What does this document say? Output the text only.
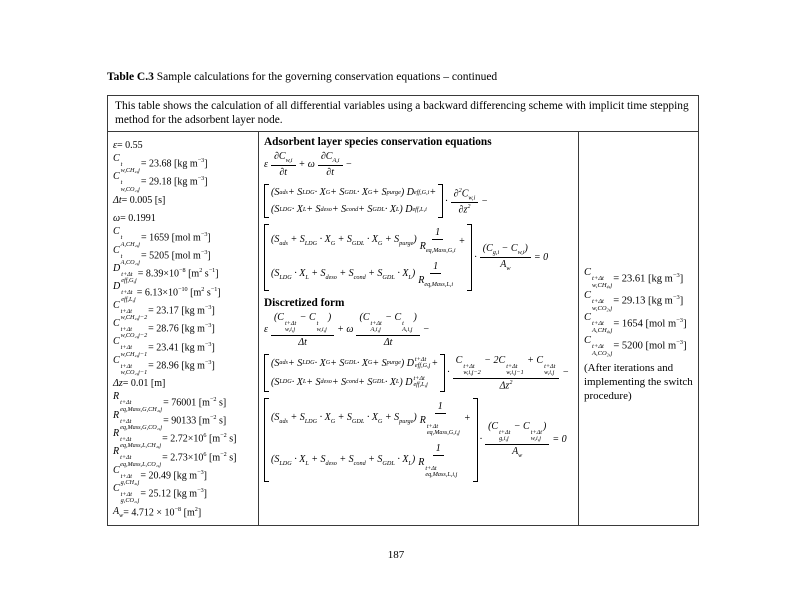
Table C.3 Sample calculations for the governing conservation equations – continued
This table shows the calculation of all differential variables using a backward differencing scheme with implicit time stepping method for the adsorbent layer node.
ε = 0.55
C
t
w,CH₄,j
= 23.68 [kg $m^{-3}$]
C
t
w,CO₂,j
= 29.18 [kg $m^{-3}$]
Δt = 0.005 [s]
ω = 0.1991
C
t
A,CH₄,j
= 1659 [mol $m^{-3}$]
C
t
A,CO₂,j
= 5205 [mol $m^{-3}$]
D
t+Δt
eff,G,j
= $8.39\times 10^{-8}$ [$m^2$ $s^{-1}$]
D
t+Δt
eff,L,j
= $6.13\times 10^{-10}$ [$m^2$ $s^{-1}$]
C
t+Δt
w,CH₄,j−2
= 23.17 [kg $m^{-3}$]
C
t+Δt
w,CO₂,j−2
= 28.76 [kg $m^{-3}$]
C
t+Δt
w,CH₄,j−1
= 23.41 [kg $m^{-3}$]
C
t+Δt
w,CO₂,j−1
= 28.96 [kg $m^{-3}$]
Δz = 0.01 [m]
R
t+Δt
eq,Mass,G,CH₄,j
= 76001 [$m^{-2}$ s]
R
t+Δt
eq,Mass,G,CO₂,j
= 90133 [$m^{-2}$ s]
R
t+Δt
eq,Mass,L,CH₄,j
= $2.72\times 10^6$ [$m^{-2}$ s]
R
t+Δt
eq,Mass,L,CO₂,j
= $2.73\times 10^6$ [$m^{-2}$ s]
C
t+Δt
g,CH₄,j
= 20.49 [kg $m^{-3}$]
C
t+Δt
g,CO₂,j
= 25.12 [kg $m^{-3}$]
$A_w = 4.712 \times 10^{-8}$ $[m^2]$
Adsorbent layer species conservation equations
ε $\frac{\partial C_{w,i}}{\partial t} + \omega \frac{\partial C_{A,i}}{\partial t}$ −
(S ads + S LDG · X G + S GDL · X G + S purge ) D eff,G,i +
(S LDG · X L + S deso + S cond + S GDL · X L ) D eff,L,i
· $\frac{\partial^2C_{w,i}}{\partial z^2}$ −
$(S_{ads} + S_{LDG} \cdot X_G + S_{GDL} \cdot X_G + S_{purge}) \frac{1}{R_{eq,Mass,G,i}}$ +
$(S_{LDG} \cdot X_L + S_{deso} + S_{cond} + S_{GDL} \cdot X_L) \frac{1}{R_{eq,Mass,L,i}}$
· $\frac{(C_{g,i} - C_{w,i})}{A_w} = 0$
Discretized form
ε (C
t+Δt
w,i,j
− C
t
w,i,j
)
Δt + ω (C
t+Δt
A,i,j
− C
t
A,i,j
)
Δt −
(S ads + S LDG · X G + S GDL · X G + S purge ) D t+Δt
eff,G,j +
(S LDG · X L + S deso + S cond + S GDL · X L ) D t+Δt
eff,L,j
· C
t+Δt
w,i,j−2
− 2C
t+Δt
w,i,j−1
+ C
t+Δt
w,i,j
$\Delta z^2$ −
$(S_{ads} + S_{LDG} \cdot X_G + S_{GDL} \cdot X_G + S_{purge})$ 1
R
t+Δt
eq,Mass,G,i,j +
$(S_{LDG} \cdot X_L + S_{deso} + S_{cond} + S_{GDL} \cdot X_L)$ 1
R
t+Δt
eq,Mass,L,i,j
· (C
t+Δt
g,i,j
− C
t+Δt
w,i,j
)
$A_w = 0$
C
t+Δt
w,CH₄,j
= 23.61 [kg $m^{-3}$]
C
t+Δt
w,CO₂,j
= 29.13 [kg $m^{-3}$]
C
t+Δt
A,CH₄,j
= 1654 [mol $m^{-3}$]
C
t+Δt
A,CO₂,j
= 5200 [mol $m^{-3}$]
(After iterations and implementing the switch procedure)
187
